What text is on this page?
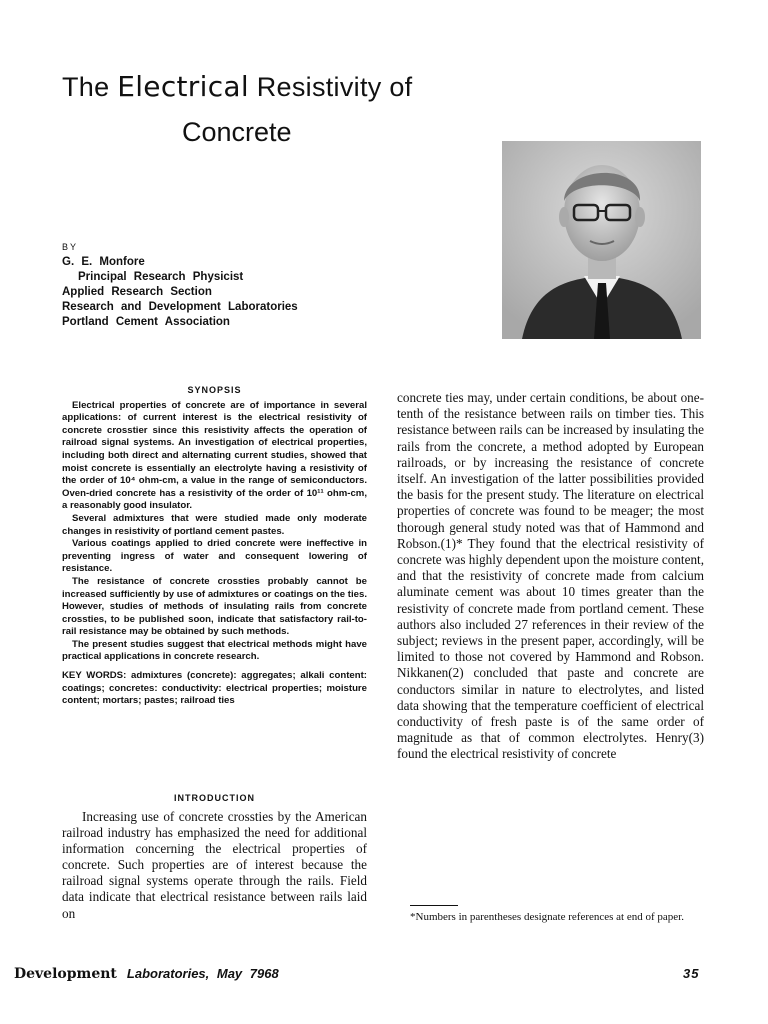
The Electrical Resistivity of
Concrete
BY
G. E. Monfore
Principal Research Physicist
Applied Research Section
Research and Development Laboratories
Portland Cement Association
SYNOPSIS

Electrical properties of concrete are of importance in several applications: of current interest is the electrical resistivity of concrete crosstier since this resistivity affects the operation of railroad signal systems. An investigation of electrical properties, including both direct and alternating current studies, showed that moist concrete is essentially an electrolyte having a resistivity of the order of 10⁴ ohm-cm, a value in the range of semiconductors. Oven-dried concrete has a resistivity of the order of 10¹¹ ohm-cm, a reasonably good insulator.

Several admixtures that were studied made only moderate changes in resistivity of portland cement pastes.

Various coatings applied to dried concrete were ineffective in preventing ingress of water and consequent lowering of resistance.

The resistance of concrete crossties probably cannot be increased sufficiently by use of admixtures or coatings on the ties. However, studies of methods of insulating rails from concrete crossties, to be published soon, indicate that satisfactory rail-to-rail resistance may be obtained by such methods.

The present studies suggest that electrical methods might have practical applications in concrete research.

KEY WORDS: admixtures (concrete): aggregates; alkali content: coatings; concretes: conductivity: electrical properties; moisture content; mortars; pastes; railroad ties

INTRODUCTION

Increasing use of concrete crossties by the American railroad industry has emphasized the need for additional information concerning the electrical properties of concrete. Such properties are of interest because the railroad signal systems operate through the rails. Field data indicate that electrical resistance between rails laid on

concrete ties may, under certain conditions, be about one-tenth of the resistance between rails on timber ties. This resistance between rails can be increased by insulating the rails from the concrete, a method adopted by European railroads, or by increasing the resistance of concrete itself. An investigation of the latter possibilities provided the basis for the present study. The literature on electrical properties of concrete was found to be meager; the most thorough general study noted was that of Hammond and Robson.(1)* They found that the electrical resistivity of concrete was highly dependent upon the moisture content, and that the resistivity of concrete made from calcium aluminate cement was about 10 times greater than the resistivity of concrete made from portland cement. These authors also included 27 references in their review of the subject; reviews in the present paper, accordingly, will be limited to those not covered by Hammond and Robson. Nikkanen(2) concluded that paste and concrete are conductors similar in nature to electrolytes, and listed data showing that the temperature coefficient of electrical conductivity of fresh paste is of the same order of magnitude as that of common electrolytes. Henry(3) found the electrical resistivity of concrete

*Numbers in parentheses designate references at end of paper.
Development Laboratories, May 7968	35
